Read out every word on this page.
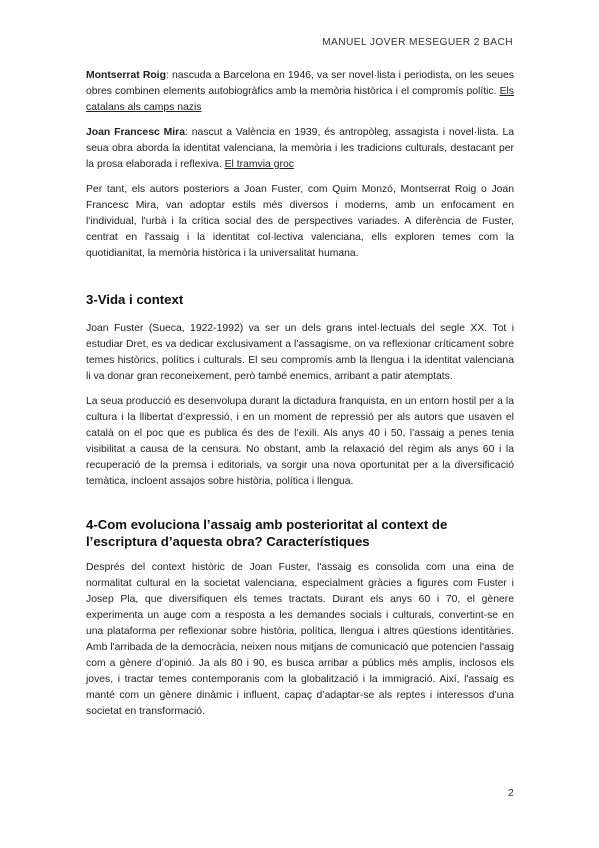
MANUEL JOVER MESEGUER 2 BACH

Montserrat Roig: nascuda a Barcelona en 1946, va ser novel·lista i periodista, on les seues obres combinen elements autobiogràfics amb la memòria històrica i el compromís polític. Els catalans als camps nazis

Joan Francesc Mira: nascut a València en 1939, és antropòleg, assagista i novel·lista. La seua obra aborda la identitat valenciana, la memòria i les tradicions culturals, destacant per la prosa elaborada i reflexiva. El tramvia groc

Per tant, els autors posteriors a Joan Fuster, com Quim Monzó, Montserrat Roig o Joan Francesc Mira, van adoptar estils més diversos i moderns, amb un enfocament en l'individual, l'urbà i la crítica social des de perspectives variades. A diferència de Fuster, centrat en l'assaig i la identitat col·lectiva valenciana, ells exploren temes com la quotidianitat, la memòria històrica i la universalitat humana.

3-Vida i context

Joan Fuster (Sueca, 1922-1992) va ser un dels grans intel·lectuals del segle XX. Tot i estudiar Dret, es va dedicar exclusivament a l’assagisme, on va reflexionar críticament sobre temes històrics, polítics i culturals. El seu compromís amb la llengua i la identitat valenciana li va donar gran reconeixement, però també enemics, arribant a patir atemptats.

La seua producció es desenvolupa durant la dictadura franquista, en un entorn hostil per a la cultura i la llibertat d’expressió, i en un moment de repressió per als autors que usaven el català on el poc que es publica és des de l’exili. Als anys 40 i 50, l’assaig a penes tenia visibilitat a causa de la censura. No obstant, amb la relaxació del règim als anys 60 i la recuperació de la premsa i editorials, va sorgir una nova oportunitat per a la diversificació temàtica, incloent assajos sobre història, política i llengua.

4-Com evoluciona l’assaig amb posterioritat al context de l’escriptura d’aquesta obra? Característiques

Després del context històric de Joan Fuster, l'assaig es consolida com una eina de normalitat cultural en la societat valenciana, especialment gràcies a figures com Fuster i Josep Pla, que diversifiquen els temes tractats. Durant els anys 60 i 70, el gènere experimenta un auge com a resposta a les demandes socials i culturals, convertint-se en una plataforma per reflexionar sobre història, política, llengua i altres qüestions identitàries. Amb l'arribada de la democràcia, neixen nous mitjans de comunicació que potencien l'assaig com a gènere d’opinió. Ja als 80 i 90, es busca arribar a públics més amplis, inclosos els joves, i tractar temes contemporanis com la globalització i la immigració. Així, l'assaig es manté com un gènere dinàmic i influent, capaç d’adaptar-se als reptes i interessos d’una societat en transformació.

2
